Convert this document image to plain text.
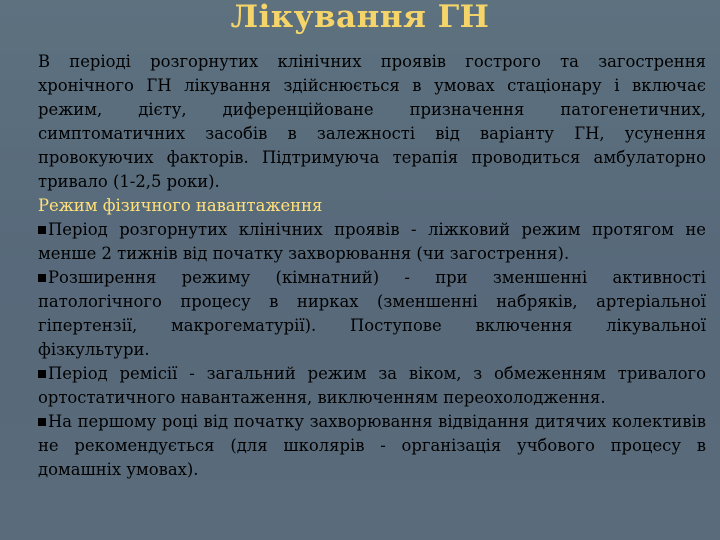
Лікування ГН

В періоді розгорнутих клінічних проявів гострого та загострення хронічного ГН лікування здійснюється в умовах стаціонару і включає режим, дієту, диференційоване призначення патогенетичних, симптоматичних засобів в залежності від варіанту ГН, усунення провокуючих факторів. Підтримуюча терапія проводиться амбулаторно тривало (1-2,5 роки).

Режим фізичного навантаження

Період розгорнутих клінічних проявів - ліжковий режим протягом не менше 2 тижнів від початку захворювання (чи загострення).

Розширення режиму (кімнатний) - при зменшенні активності патологічного процесу в нирках (зменшенні набряків, артеріальної гіпертензії, макрогематурії). Поступове включення лікувальної фізкультури.

Період ремісії - загальний режим за віком, з обмеженням тривалого ортостатичного навантаження, виключенням переохолодження.

На першому році від початку захворювання відвідання дитячих колективів не рекомендується (для школярів - організація учбового процесу в домашніх умовах).
